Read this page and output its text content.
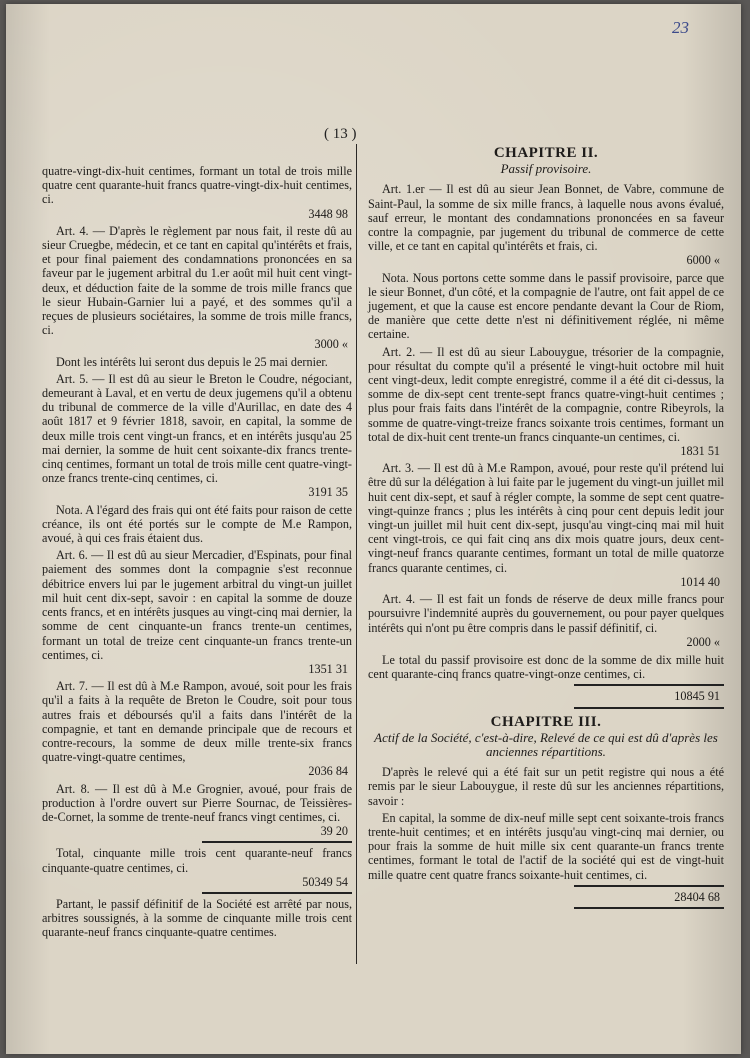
23
( 13 )

quatre-vingt-dix-huit centimes, formant un total de trois mille quatre cent quarante-huit francs quatre-vingt-dix-huit centimes, ci.
3448 98

Art. 4. — D'après le règlement par nous fait, il reste dû au sieur Cruegbe, médecin, et ce tant en capital qu'intérêts et frais, et pour final paiement des condamnations prononcées en sa faveur par le jugement arbitral du 1.er août mil huit cent vingt-deux, et déduction faite de la somme de trois mille francs que le sieur Hubain-Garnier lui a payé, et des sommes qu'il a reçues de plusieurs sociétaires, la somme de trois mille francs, ci.
3000 «

Dont les intérêts lui seront dus depuis le 25 mai dernier.

Art. 5. — Il est dû au sieur le Breton le Coudre, négociant, demeurant à Laval, et en vertu de deux jugemens qu'il a obtenu du tribunal de commerce de la ville d'Aurillac, en date des 4 août 1817 et 9 février 1818, savoir, en capital, la somme de deux mille trois cent vingt-un francs, et en intérêts jusqu'au 25 mai dernier, la somme de huit cent soixante-dix francs trente-cinq centimes, formant un total de trois mille cent quatre-vingt-onze francs trente-cinq centimes, ci.
3191 35

Nota. A l'égard des frais qui ont été faits pour raison de cette créance, ils ont été portés sur le compte de M.e Rampon, avoué, à qui ces frais étaient dus.

Art. 6. — Il est dû au sieur Mercadier, d'Espinats, pour final paiement des sommes dont la compagnie s'est reconnue débitrice envers lui par le jugement arbitral du vingt-un juillet mil huit cent dix-sept, savoir : en capital la somme de douze cents francs, et en intérêts jusques au vingt-cinq mai dernier, la somme de cent cinquante-un francs trente-un centimes, formant un total de treize cent cinquante-un francs trente-un centimes, ci.
1351 31

Art. 7. — Il est dû à M.e Rampon, avoué, soit pour les frais qu'il a faits à la requête de Breton le Coudre, soit pour tous autres frais et déboursés qu'il a faits dans l'intérêt de la compagnie, et tant en demande principale que de recours et contre-recours, la somme de deux mille trente-six francs quatre-vingt-quatre centimes,
2036 84

Art. 8. — Il est dû à M.e Grognier, avoué, pour frais de production à l'ordre ouvert sur Pierre Sournac, de Teissières-de-Cornet, la somme de trente-neuf francs vingt centimes, ci.
39 20

Total, cinquante mille trois cent quarante-neuf francs cinquante-quatre centimes, ci.
50349 54

Partant, le passif définitif de la Société est arrêté par nous, arbitres soussignés, à la somme de cinquante mille trois cent quarante-neuf francs cinquante-quatre centimes.

CHAPITRE II.
Passif provisoire.

Art. 1.er — Il est dû au sieur Jean Bonnet, de Vabre, commune de Saint-Paul, la somme de six mille francs, à laquelle nous avons évalué, sauf erreur, le montant des condamnations prononcées en sa faveur contre la compagnie, par jugement du tribunal de commerce de cette ville, et ce tant en capital qu'intérêts et frais, ci.
6000 «

Nota. Nous portons cette somme dans le passif provisoire, parce que le sieur Bonnet, d'un côté, et la compagnie de l'autre, ont fait appel de ce jugement, et que la cause est encore pendante devant la Cour de Riom, de manière que cette dette n'est ni définitivement réglée, ni même certaine.

Art. 2. — Il est dû au sieur Labouygue, trésorier de la compagnie, pour résultat du compte qu'il a présenté le vingt-huit octobre mil huit cent vingt-deux, ledit compte enregistré, comme il a été dit ci-dessus, la somme de dix-sept cent trente-sept francs quatre-vingt-huit centimes ; plus pour frais faits dans l'intérêt de la compagnie, contre Ribeyrols, la somme de quatre-vingt-treize francs soixante trois centimes, formant un total de dix-huit cent trente-un francs cinquante-un centimes, ci.
1831 51

Art. 3. — Il est dû à M.e Rampon, avoué, pour reste qu'il prétend lui être dû sur la délégation à lui faite par le jugement du vingt-un juillet mil huit cent dix-sept, et sauf à régler compte, la somme de sept cent quatre-vingt-quinze francs ; plus les intérêts à cinq pour cent depuis ledit jour vingt-un juillet mil huit cent dix-sept, jusqu'au vingt-cinq mai mil huit cent vingt-trois, ce qui fait cinq ans dix mois quatre jours, deux cent-vingt-neuf francs quarante centimes, formant un total de mille quatorze francs quarante centimes, ci.
1014 40

Art. 4. — Il est fait un fonds de réserve de deux mille francs pour poursuivre l'indemnité auprès du gouvernement, ou pour payer quelques intérêts qui n'ont pu être compris dans le passif définitif, ci.
2000 «

Le total du passif provisoire est donc de la somme de dix mille huit cent quarante-cinq francs quatre-vingt-onze centimes, ci.

10845 91
CHAPITRE III.
Actif de la Société, c'est-à-dire, Relevé de ce qui est dû d'après les anciennes répartitions.

D'après le relevé qui a été fait sur un petit registre qui nous a été remis par le sieur Labouygue, il reste dû sur les anciennes répartitions, savoir :

En capital, la somme de dix-neuf mille sept cent soixante-trois francs trente-huit centimes; et en intérêts jusqu'au vingt-cinq mai dernier, ou pour frais la somme de huit mille six cent quarante-un francs trente centimes, formant le total de l'actif de la société qui est de vingt-huit mille quatre cent quatre francs soixante-huit centimes, ci.

28404 68
